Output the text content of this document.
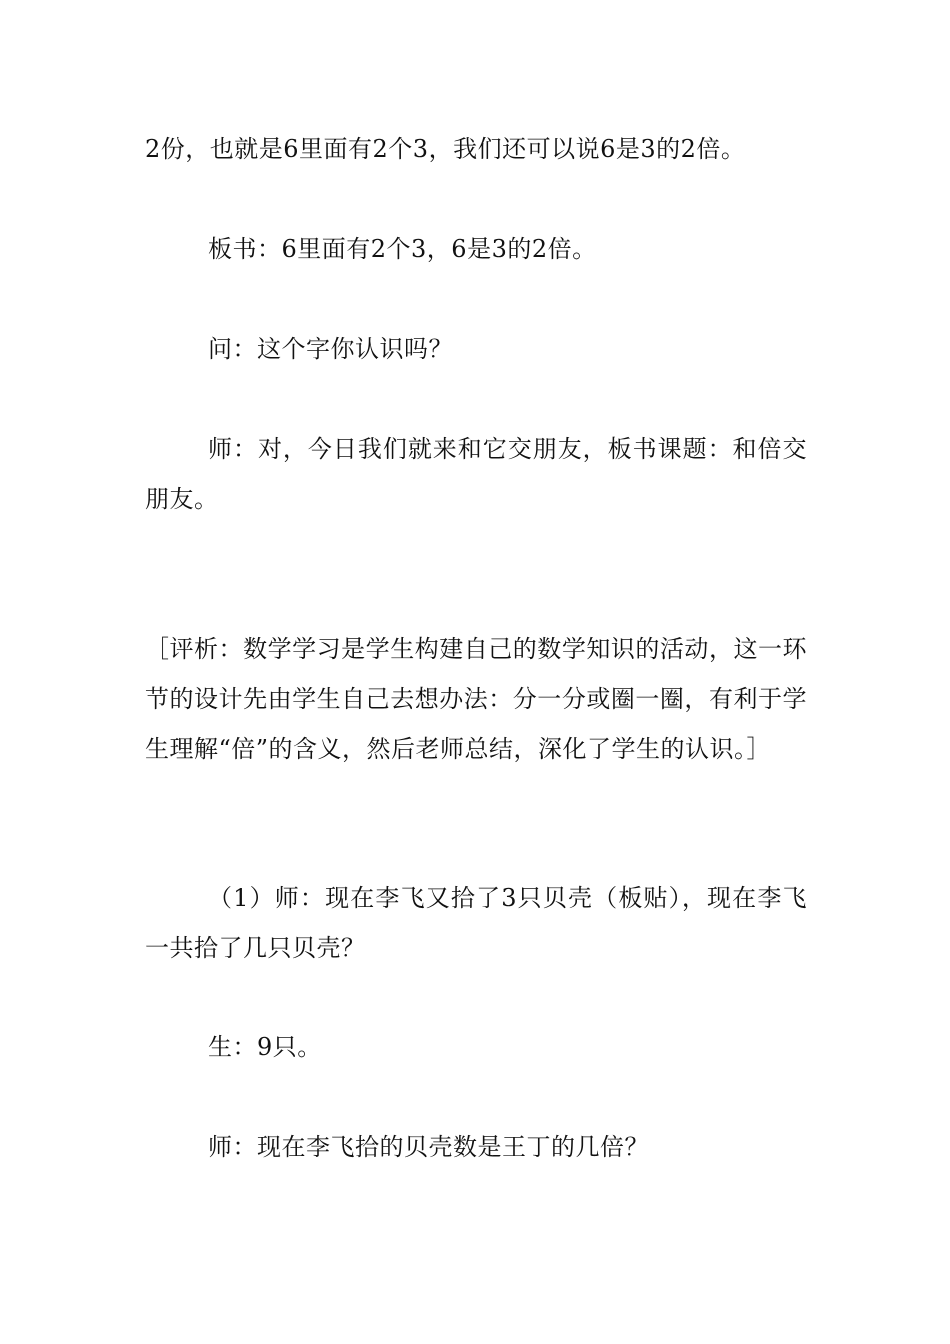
2份，也就是6里面有2个3，我们还可以说6是3的2倍。

板书：6里面有2个3，6是3的2倍。

问：这个字你认识吗？

师：对，今日我们就来和它交朋友，板书课题：和倍交朋友。

［评析：数学学习是学生构建自己的数学知识的活动，这一环节的设计先由学生自己去想办法：分一分或圈一圈，有利于学生理解“倍”的含义，然后老师总结，深化了学生的认识。］

（1）师：现在李飞又拾了3只贝壳（板贴），现在李飞一共拾了几只贝壳？

生：9只。

师：现在李飞拾的贝壳数是王丁的几倍？
